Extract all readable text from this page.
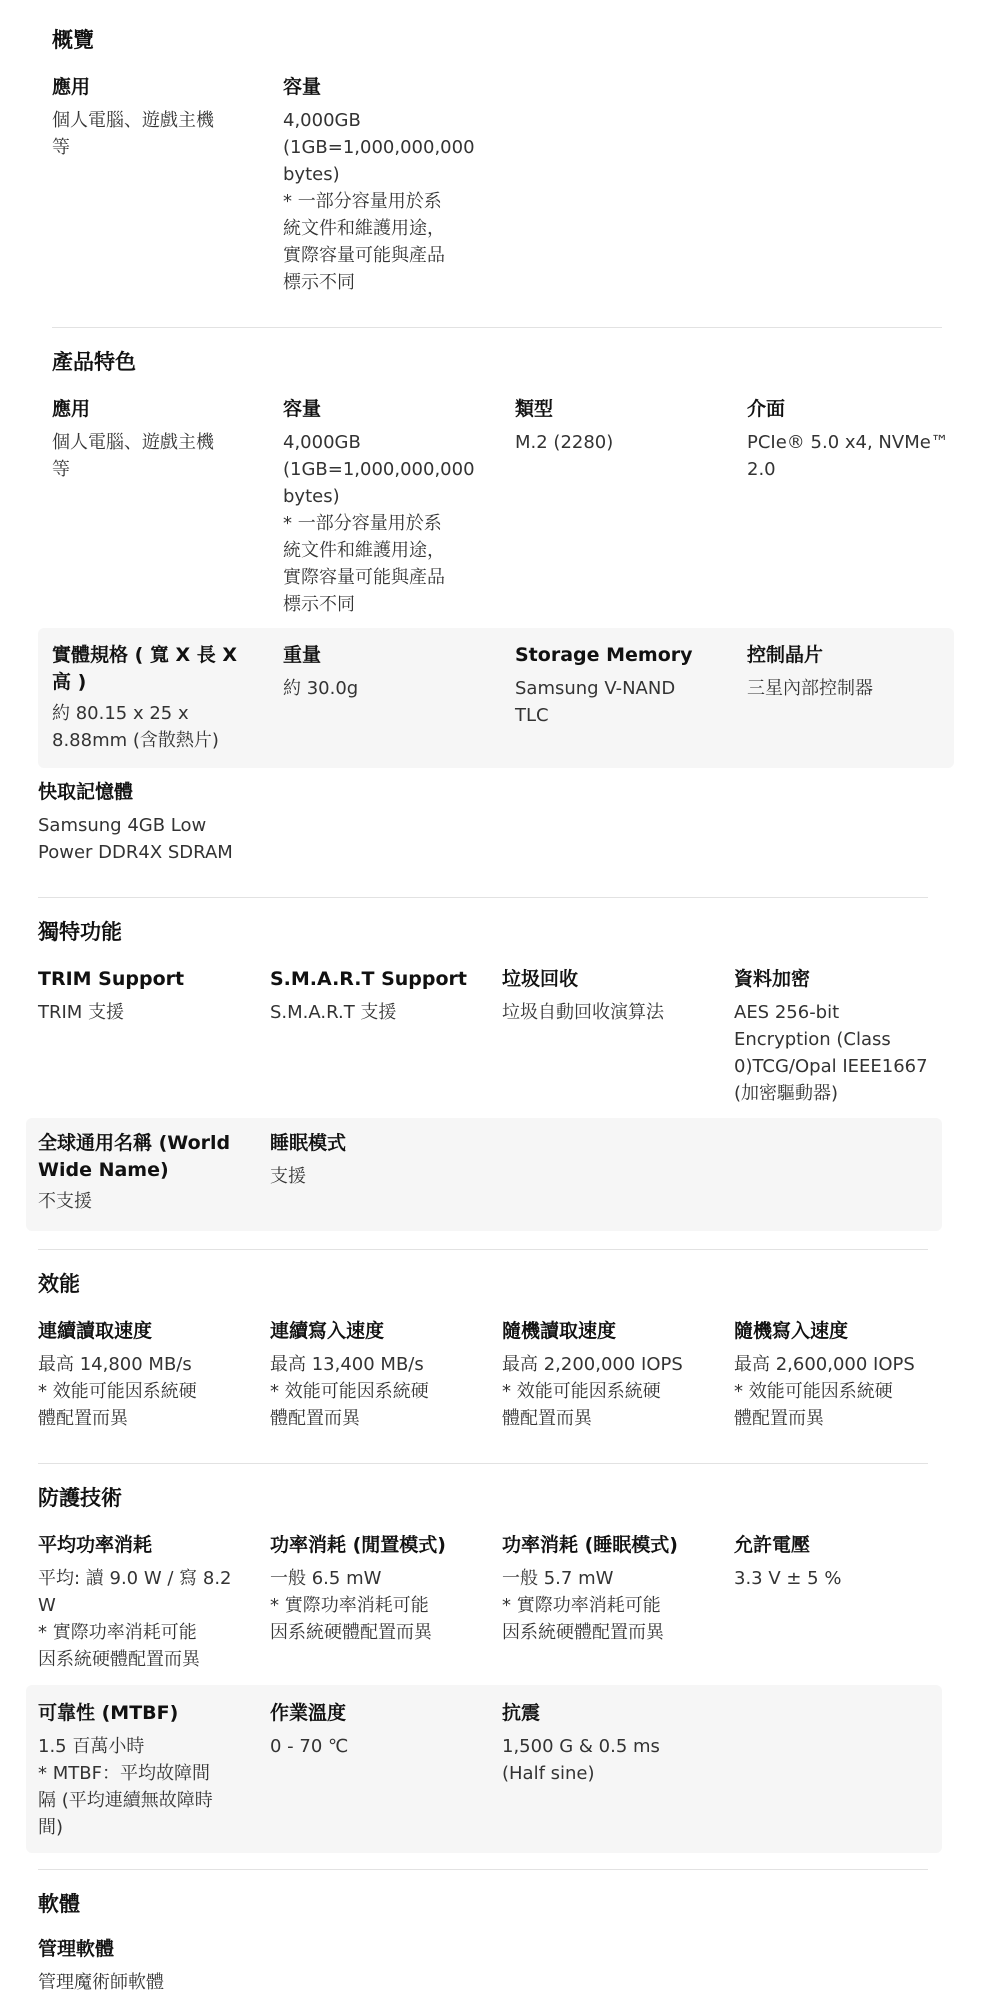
概覽
應用
個人電腦、遊戲主機
等
容量
4,000GB
(1GB=1,000,000,000
bytes)
* 一部分容量用於系
統文件和維護用途，
實際容量可能與產品
標示不同
產品特色
應用
個人電腦、遊戲主機
等
容量
4,000GB
(1GB=1,000,000,000
bytes)
* 一部分容量用於系
統文件和維護用途，
實際容量可能與產品
標示不同
類型
M.2 (2280)
介面
PCIe® 5.0 x4, NVMe™
2.0
實體規格 ( 寬 X 長 X
高 )
約 80.15 x 25 x
8.88mm (含散熱片)
重量
約 30.0g
Storage Memory
Samsung V-NAND
TLC
控制晶片
三星內部控制器
快取記憶體
Samsung 4GB Low
Power DDR4X SDRAM
獨特功能
TRIM Support
TRIM 支援
S.M.A.R.T Support
S.M.A.R.T 支援
垃圾回收
垃圾自動回收演算法
資料加密
AES 256-bit
Encryption (Class
0)TCG/Opal IEEE1667
(加密驅動器)
全球通用名稱 (World
Wide Name)
不支援
睡眠模式
支援
效能
連續讀取速度
最高 14,800 MB/s
* 效能可能因系統硬
體配置而異
連續寫入速度
最高 13,400 MB/s
* 效能可能因系統硬
體配置而異
隨機讀取速度
最高 2,200,000 IOPS
* 效能可能因系統硬
體配置而異
隨機寫入速度
最高 2,600,000 IOPS
* 效能可能因系統硬
體配置而異
防護技術
平均功率消耗
平均: 讀 9.0 W / 寫 8.2
W
* 實際功率消耗可能
因系統硬體配置而異
功率消耗 (閒置模式)
一般 6.5 mW
* 實際功率消耗可能
因系統硬體配置而異
功率消耗 (睡眠模式)
一般 5.7 mW
* 實際功率消耗可能
因系統硬體配置而異
允許電壓
3.3 V ± 5 %
可靠性 (MTBF)
1.5 百萬小時
* MTBF：平均故障間
隔 (平均連續無故障時
間)
作業溫度
0 - 70 ℃
抗震
1,500 G & 0.5 ms
(Half sine)
軟體
管理軟體
管理魔術師軟體
